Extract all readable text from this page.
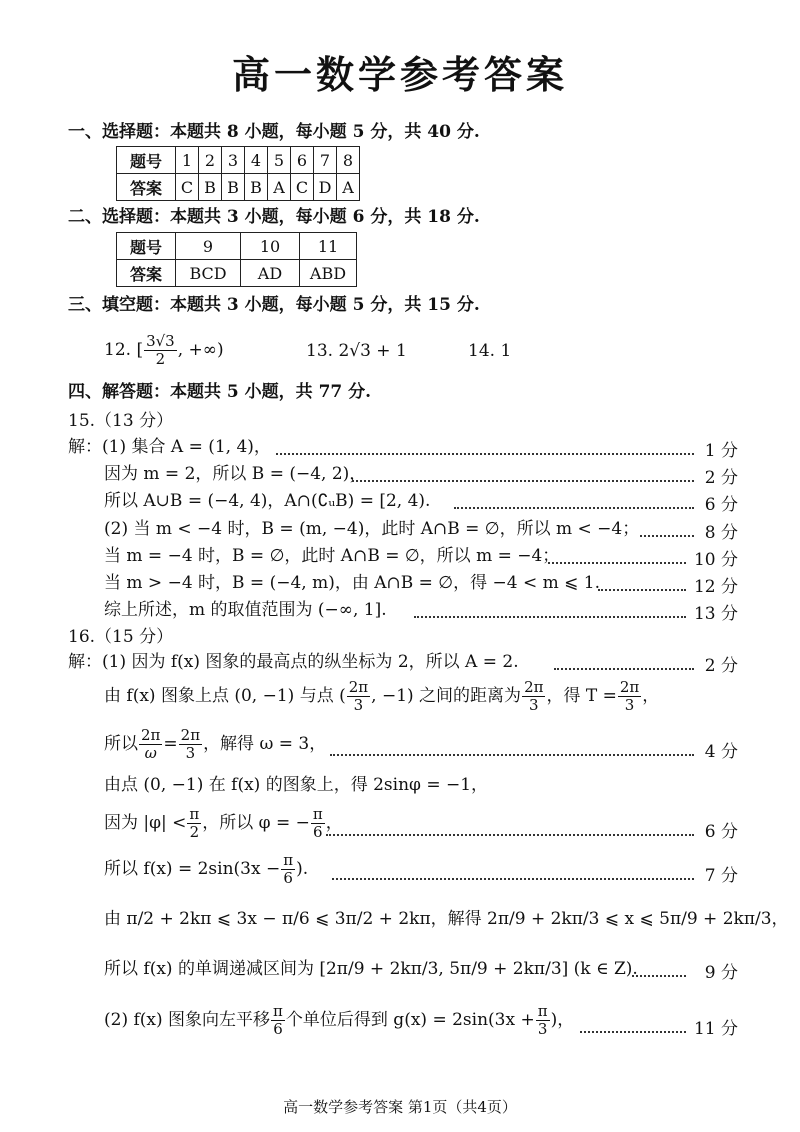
高一数学参考答案
一、选择题：本题共 8 小题，每小题 5 分，共 40 分.
题号	1	2	3	4	5	6	7	8
答案	C	B	B	B	A	C	D	A
二、选择题：本题共 3 小题，每小题 6 分，共 18 分.
题号	9	10	11
答案	BCD	AD	ABD
三、填空题：本题共 3 小题，每小题 5 分，共 15 分.
12. [ $\frac{3√3}{2}$ , +∞)	13. 2√3 + 1	14. 1
四、解答题：本题共 5 小题，共 77 分.
15.（13 分）
解：(1) 集合 A = (1, 4)，	1 分
因为 m = 2，所以 B = (−4, 2)，	2 分
所以 A∪B = (−4, 4)，A∩(∁ᵤB) = [2, 4).	6 分
(2) 当 m < −4 时，B = (m, −4)，此时 A∩B = ∅，所以 m < −4；	8 分
当 m = −4 时，B = ∅，此时 A∩B = ∅，所以 m = −4；	10 分
当 m > −4 时，B = (−4, m)，由 A∩B = ∅，得 −4 < m ⩽ 1.	12 分
综上所述，m 的取值范围为 (−∞, 1].	13 分
16.（15 分）
解：(1) 因为 f(x) 图象的最高点的纵坐标为 2，所以 A = 2.	2 分
由 f(x) 图象上点 (0, −1) 与点 ( $\frac{2\pi}{3}$ , −1) 之间的距离为 $\frac{2\pi}{3}$ ，得 $T = \frac{2\pi}{3}$ ，
所以 $\frac{2\pi}{\omega} = \frac{2\pi}{3}$ ，解得 ω = 3，	4 分
由点 (0, −1) 在 f(x) 的图象上，得 2sinφ = −1，
因为 $|\varphi| < \frac{\pi}{2}$ ，所以 φ = − $\frac{\pi}{6}$ ，	6 分
所以 $f(x) = 2\sin(3x - \frac{\pi}{6}$ ).	7 分
由 π/2 + 2kπ ⩽ 3x − π/6 ⩽ 3π/2 + 2kπ，解得 2π/9 + 2kπ/3 ⩽ x ⩽ 5π/9 + 2kπ/3，
所以 f(x) 的单调递减区间为 [2π/9 + 2kπ/3, 5π/9 + 2kπ/3] (k ∈ Z).	9 分
(2) f(x) 图象向左平移 $\frac{\pi}{6}$ 个单位后得到 $g(x) = 2\sin(3x + \frac{\pi}{3}$ )，	11 分
高一数学参考答案 第1页（共4页）
